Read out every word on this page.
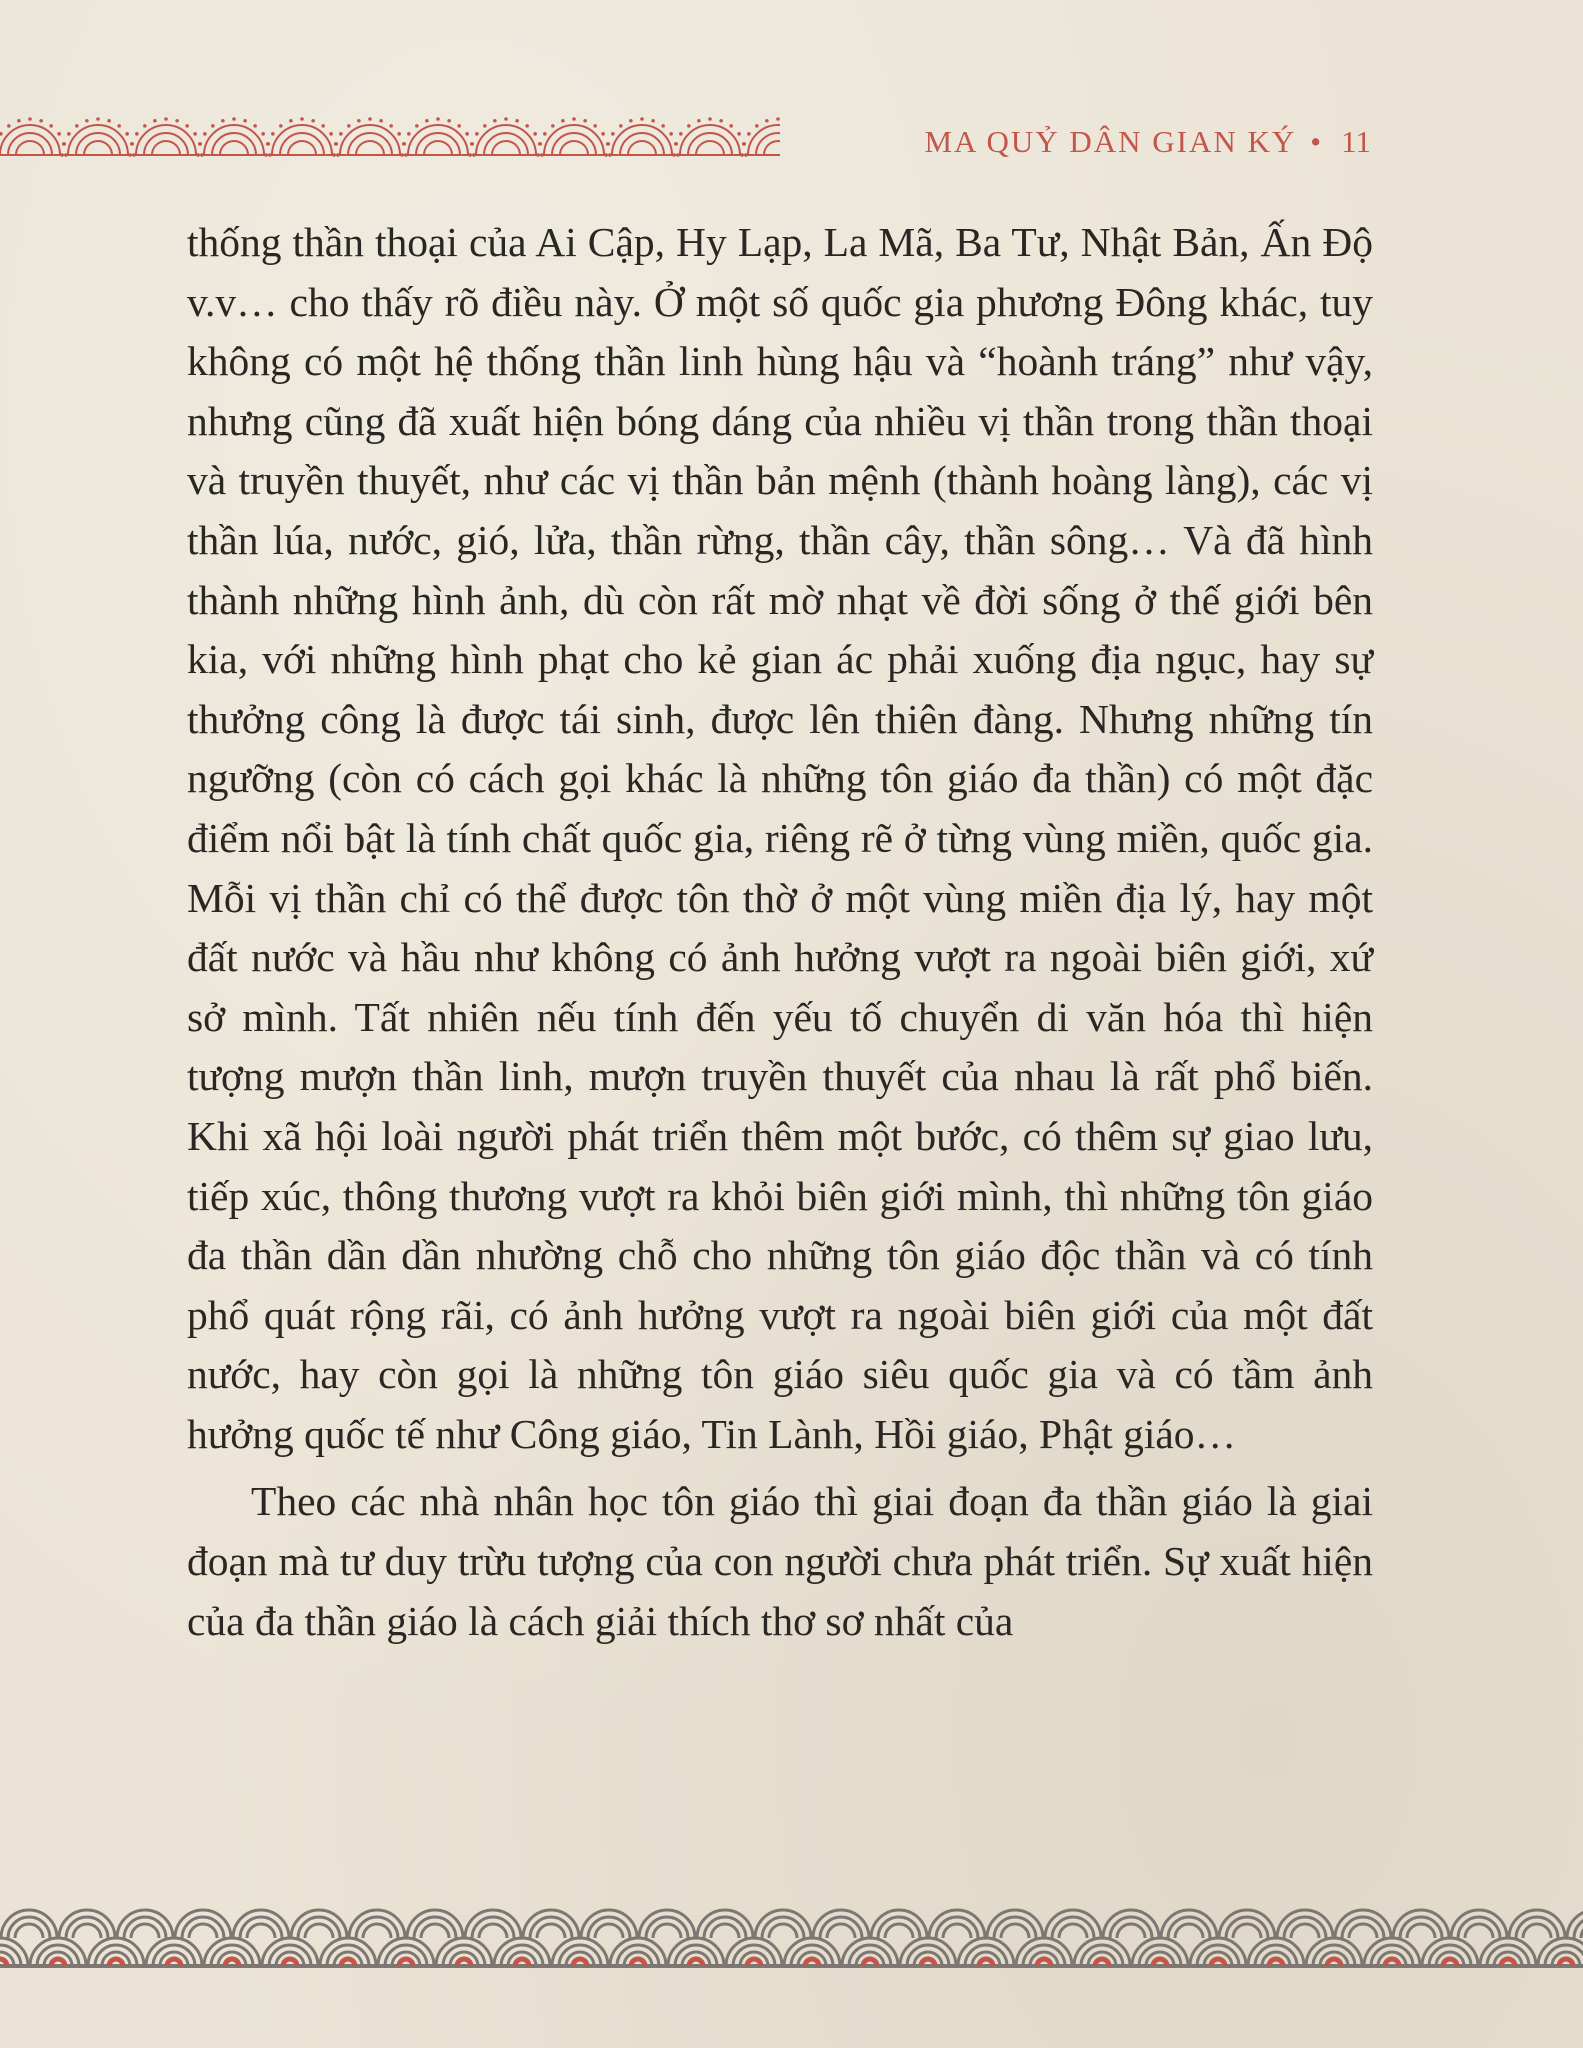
MA QUỶ DÂN GIAN KÝ • 11

thống thần thoại của Ai Cập, Hy Lạp, La Mã, Ba Tư, Nhật Bản, Ấn Độ v.v… cho thấy rõ điều này. Ở một số quốc gia phương Đông khác, tuy không có một hệ thống thần linh hùng hậu và “hoành tráng” như vậy, nhưng cũng đã xuất hiện bóng dáng của nhiều vị thần trong thần thoại và truyền thuyết, như các vị thần bản mệnh (thành hoàng làng), các vị thần lúa, nước, gió, lửa, thần rừng, thần cây, thần sông… Và đã hình thành những hình ảnh, dù còn rất mờ nhạt về đời sống ở thế giới bên kia, với những hình phạt cho kẻ gian ác phải xuống địa ngục, hay sự thưởng công là được tái sinh, được lên thiên đàng. Nhưng những tín ngưỡng (còn có cách gọi khác là những tôn giáo đa thần) có một đặc điểm nổi bật là tính chất quốc gia, riêng rẽ ở từng vùng miền, quốc gia. Mỗi vị thần chỉ có thể được tôn thờ ở một vùng miền địa lý, hay một đất nước và hầu như không có ảnh hưởng vượt ra ngoài biên giới, xứ sở mình. Tất nhiên nếu tính đến yếu tố chuyển di văn hóa thì hiện tượng mượn thần linh, mượn truyền thuyết của nhau là rất phổ biến. Khi xã hội loài người phát triển thêm một bước, có thêm sự giao lưu, tiếp xúc, thông thương vượt ra khỏi biên giới mình, thì những tôn giáo đa thần dần dần nhường chỗ cho những tôn giáo độc thần và có tính phổ quát rộng rãi, có ảnh hưởng vượt ra ngoài biên giới của một đất nước, hay còn gọi là những tôn giáo siêu quốc gia và có tầm ảnh hưởng quốc tế như Công giáo, Tin Lành, Hồi giáo, Phật giáo…

Theo các nhà nhân học tôn giáo thì giai đoạn đa thần giáo là giai đoạn mà tư duy trừu tượng của con người chưa phát triển. Sự xuất hiện của đa thần giáo là cách giải thích thơ sơ nhất của
